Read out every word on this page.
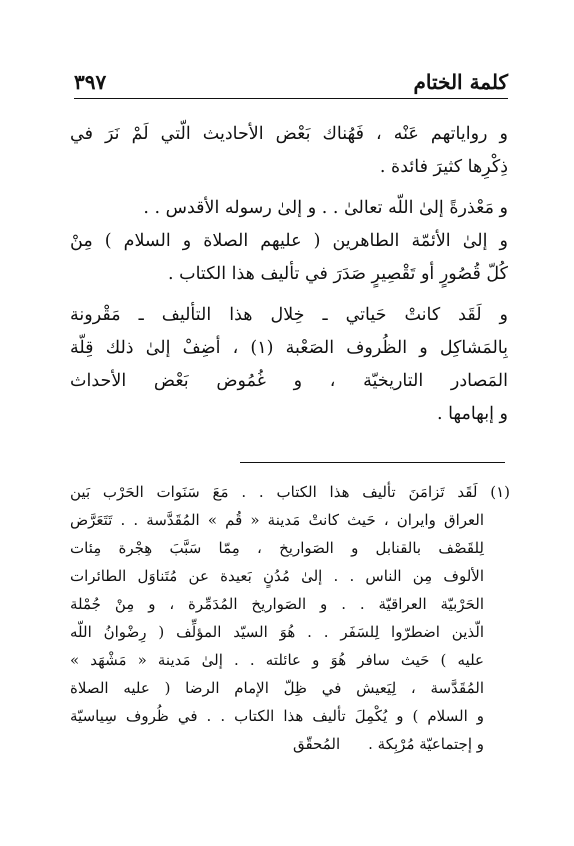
كلمة الختام
٣٩٧
و رواياتهم عَنْه ، فَهُناك بَعْض الأحاديث الّتي لَمْ نَرَ في
ذِكْرِها كثيرَ فائدة .
و مَعْذرةً إلىٰ اللّه تعالىٰ . . و إلىٰ رسوله الأقدس . .
و إلىٰ الأئمّة الطاهرين ( عليهم الصلاة و السلام ) مِنْ
كُلّ قُصُورٍ أو تَقْصِيرٍ صَدَرَ في تأليف هذا الكتاب .
و لَقَد كانتْ حَياتي ـ خِلال هذا التأليف ـ مَقْرونة
بِالمَشاكِل و الظُروف الصَعْبة (١) ، أضِفْ إلىٰ ذلك قِلّة
المَصادر التاريخيّة ، و غُمُوض بَعْض الأحداث
و إبهامها .
(١) لَقَد تَزامَنَ تأليف هذا الكتاب . . مَعَ سَنَوات الحَرْب بَين
العراق وايران ، حَيث كانتْ مَدينة « قُم » المُقَدَّسة . . تَتَعَرَّض
لِلقَصْف بالقنابل و الصَواريخ ، مِمّا سَبَّبَ هِجْرة مِئات
الألوف مِن الناس . . إلىٰ مُدُنٍ بَعيدة عن مُتَناوَل الطائرات
الحَرْبيّة العراقيّة . . و الصَواريخ المُدَمِّرة ، و مِنْ جُمْلة
الّذين اضطرّوا لِلسَفَر . . هُوَ السيّد المؤلِّف ( رِضْوانُ اللّه
عليه ) حَيث سافر هُوَ و عائلته . . إلىٰ مَدينة « مَشْهَد »
المُقَدَّسة ، لِيَعيش في ظِلّ الإمام الرضا ( عليه الصلاة
و السلام ) و يُكْمِلَ تأليف هذا الكتاب . . في ظُروف سِياسيّة
و إجتماعيّة مُرْبِكة .المُحقّق
